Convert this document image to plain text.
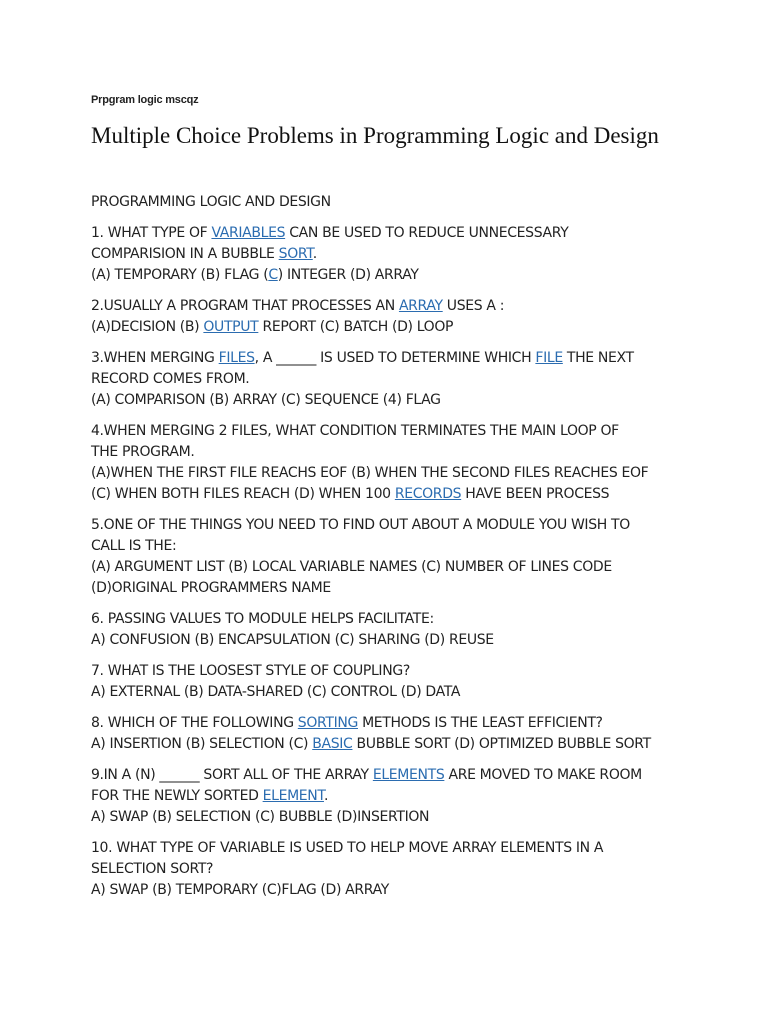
Prpgram logic mscqz
Multiple Choice Problems in Programming Logic and Design
PROGRAMMING LOGIC AND DESIGN
1. WHAT TYPE OF VARIABLES CAN BE USED TO REDUCE UNNECESSARY
COMPARISION IN A BUBBLE SORT.
(A) TEMPORARY (B) FLAG (C) INTEGER (D) ARRAY
2.USUALLY A PROGRAM THAT PROCESSES AN ARRAY USES A :
(A)DECISION (B) OUTPUT REPORT (C) BATCH (D) LOOP
3.WHEN MERGING FILES, A ______ IS USED TO DETERMINE WHICH FILE THE NEXT
RECORD COMES FROM.
(A) COMPARISON (B) ARRAY (C) SEQUENCE (4) FLAG
4.WHEN MERGING 2 FILES, WHAT CONDITION TERMINATES THE MAIN LOOP OF
THE PROGRAM.
(A)WHEN THE FIRST FILE REACHS EOF (B) WHEN THE SECOND FILES REACHES EOF
(C) WHEN BOTH FILES REACH (D) WHEN 100 RECORDS HAVE BEEN PROCESS
5.ONE OF THE THINGS YOU NEED TO FIND OUT ABOUT A MODULE YOU WISH TO
CALL IS THE:
(A) ARGUMENT LIST (B) LOCAL VARIABLE NAMES (C) NUMBER OF LINES CODE
(D)ORIGINAL PROGRAMMERS NAME
6. PASSING VALUES TO MODULE HELPS FACILITATE:
A) CONFUSION (B) ENCAPSULATION (C) SHARING (D) REUSE
7. WHAT IS THE LOOSEST STYLE OF COUPLING?
A) EXTERNAL (B) DATA-SHARED (C) CONTROL (D) DATA
8. WHICH OF THE FOLLOWING SORTING METHODS IS THE LEAST EFFICIENT?
A) INSERTION (B) SELECTION (C) BASIC BUBBLE SORT (D) OPTIMIZED BUBBLE SORT
9.IN A (N) ______ SORT ALL OF THE ARRAY ELEMENTS ARE MOVED TO MAKE ROOM
FOR THE NEWLY SORTED ELEMENT.
A) SWAP (B) SELECTION (C) BUBBLE (D)INSERTION
10. WHAT TYPE OF VARIABLE IS USED TO HELP MOVE ARRAY ELEMENTS IN A
SELECTION SORT?
A) SWAP (B) TEMPORARY (C)FLAG (D) ARRAY
